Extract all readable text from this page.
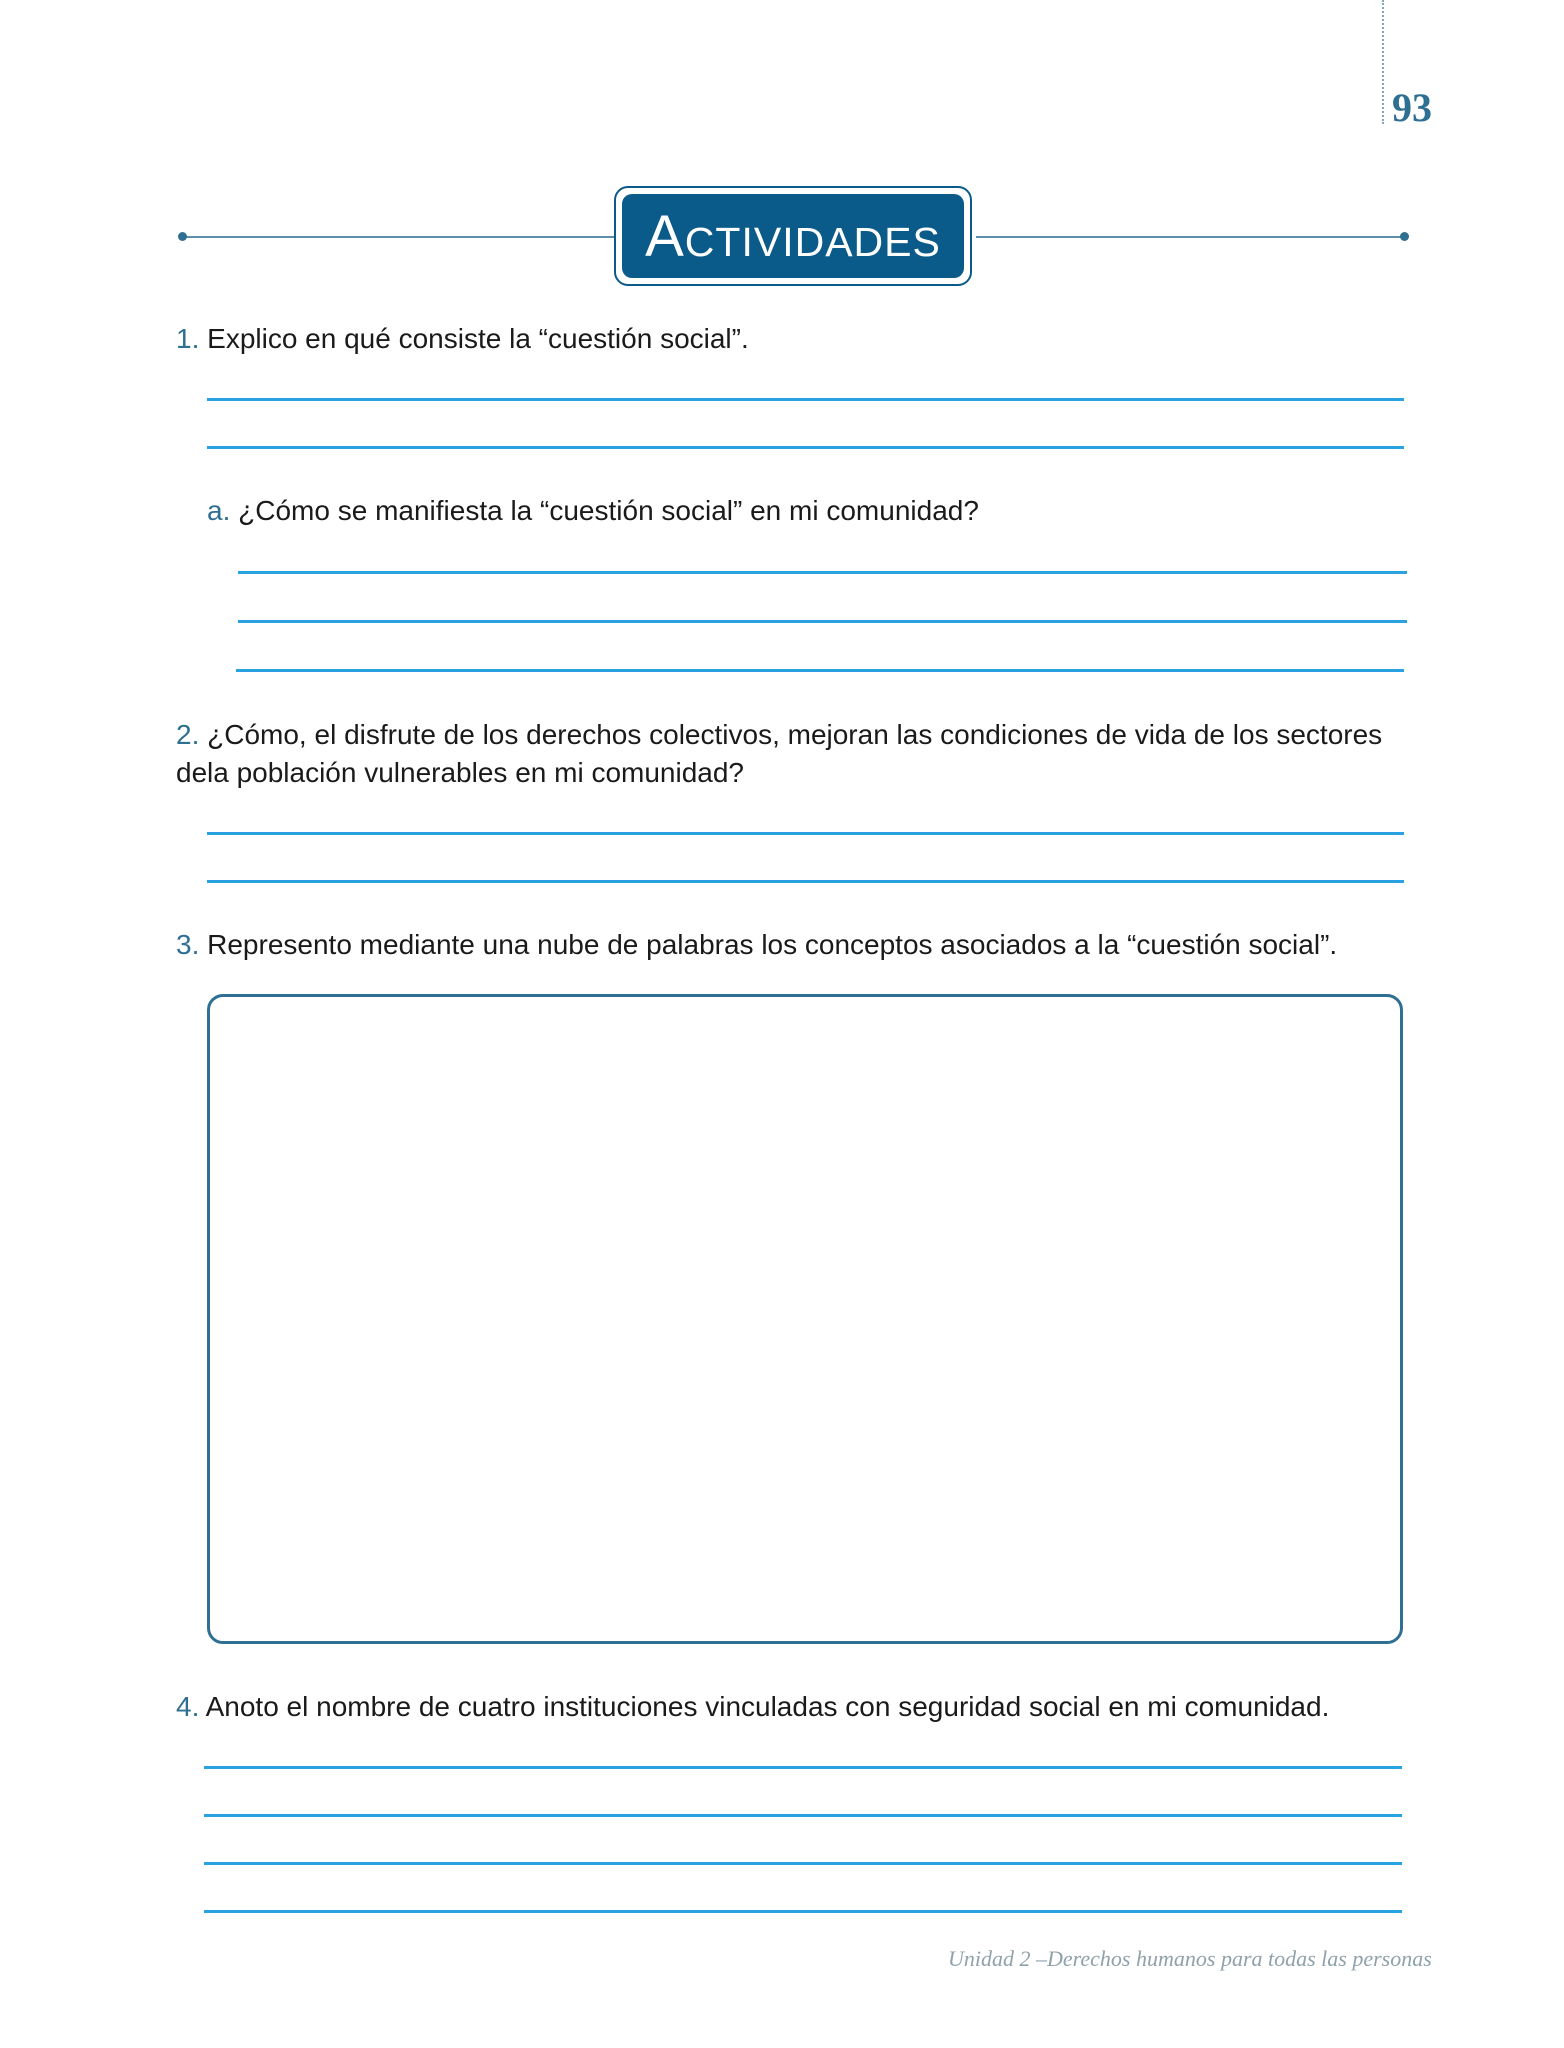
93
Actividades
1. Explico en qué consiste la “cuestión social”.
a. ¿Cómo se manifiesta la “cuestión social” en mi comunidad?
2. ¿Cómo, el disfrute de los derechos colectivos, mejoran las condiciones de vida de los sectores de la población vulnerables en mi comunidad?
3. Represento mediante una nube de palabras los conceptos asociados a la “cuestión social”.
4. Anoto el nombre de cuatro instituciones vinculadas con seguridad social en mi comunidad.
Unidad 2 –Derechos humanos para todas las personas
